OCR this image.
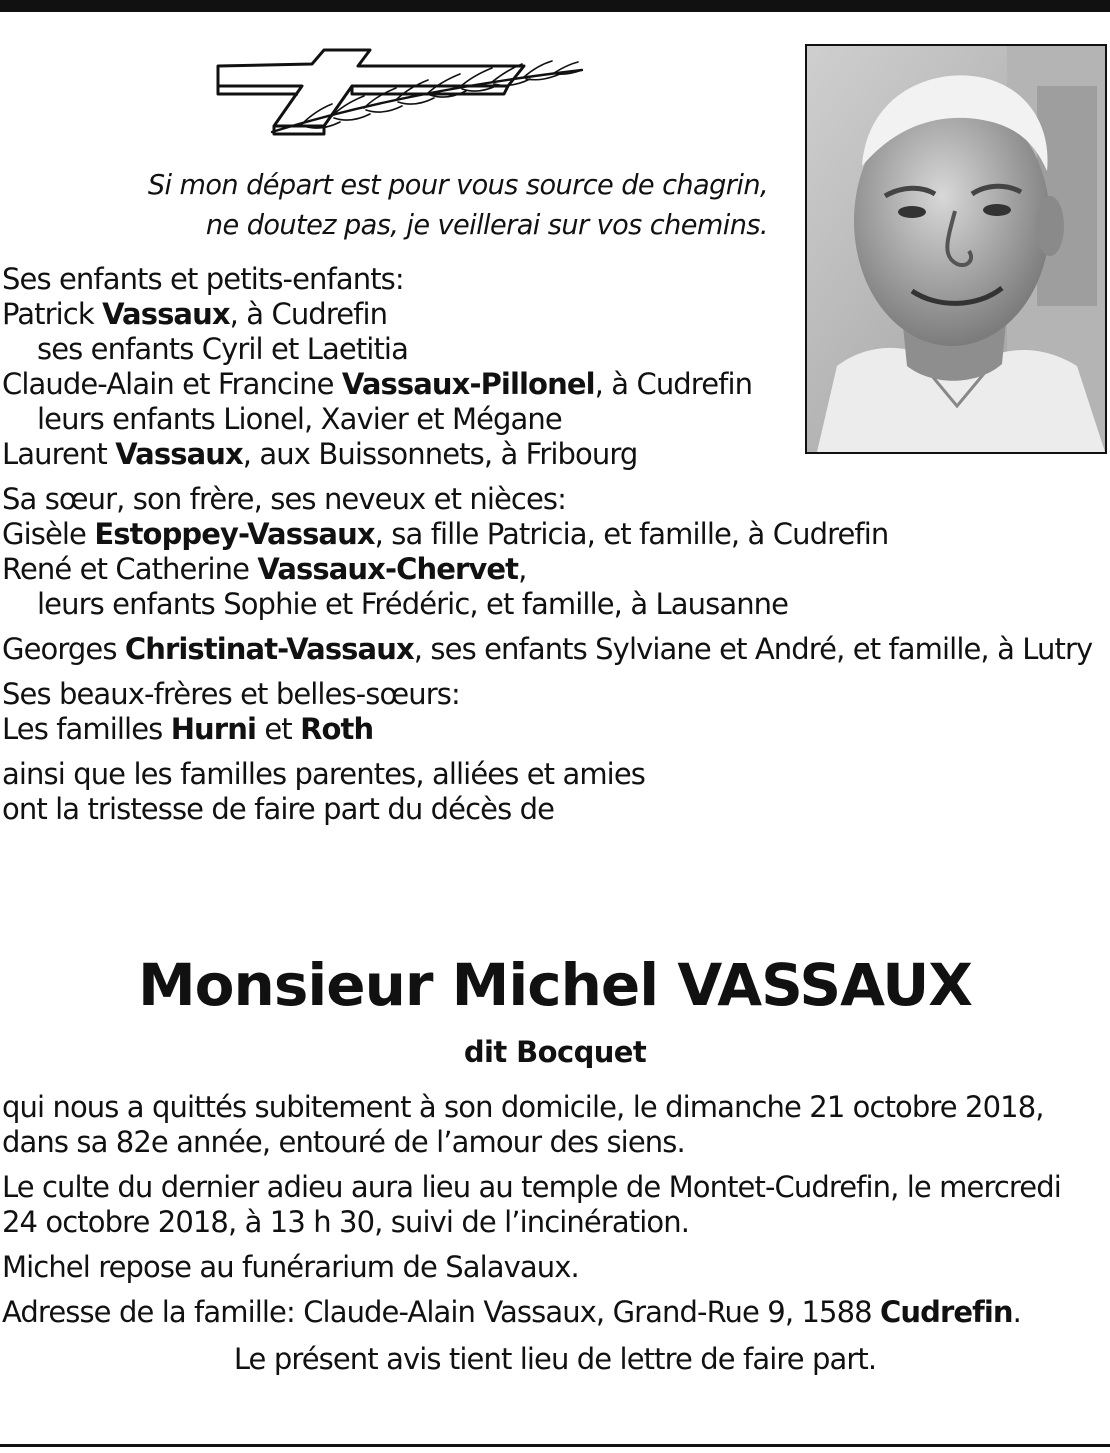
Si mon départ est pour vous source de chagrin,
ne doutez pas, je veillerai sur vos chemins.
Ses enfants et petits-enfants:
Patrick Vassaux, à Cudrefin
ses enfants Cyril et Laetitia
Claude-Alain et Francine Vassaux-Pillonel, à Cudrefin
leurs enfants Lionel, Xavier et Mégane
Laurent Vassaux, aux Buissonnets, à Fribourg
Sa sœur, son frère, ses neveux et nièces:
Gisèle Estoppey-Vassaux, sa fille Patricia, et famille, à Cudrefin
René et Catherine Vassaux-Chervet,
leurs enfants Sophie et Frédéric, et famille, à Lausanne
Georges Christinat-Vassaux, ses enfants Sylviane et André, et famille, à Lutry
Ses beaux-frères et belles-sœurs:
Les familles Hurni et Roth
ainsi que les familles parentes, alliées et amies
ont la tristesse de faire part du décès de
Monsieur Michel VASSAUX
dit Bocquet
qui nous a quittés subitement à son domicile, le dimanche 21 octobre 2018,
dans sa 82e année, entouré de l’amour des siens.
Le culte du dernier adieu aura lieu au temple de Montet-Cudrefin, le mercredi
24 octobre 2018, à 13 h 30, suivi de l’incinération.
Michel repose au funérarium de Salavaux.
Adresse de la famille: Claude-Alain Vassaux, Grand-Rue 9, 1588 Cudrefin.
Le présent avis tient lieu de lettre de faire part.
